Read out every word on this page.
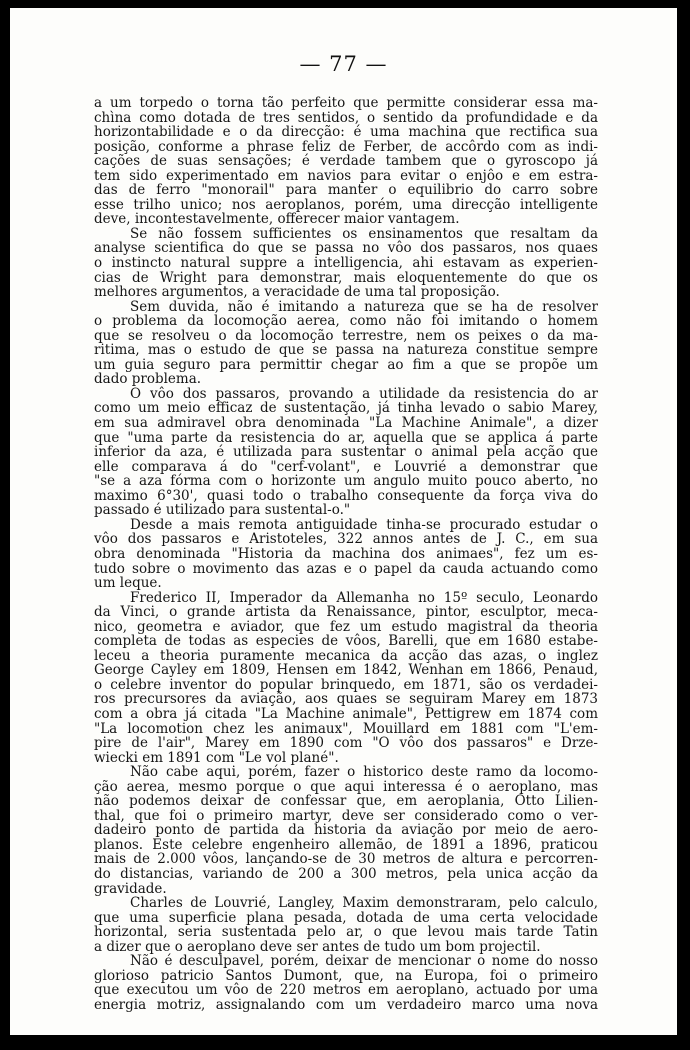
— 77 —
a um torpedo o torna tão perfeito que permitte considerar essa ma-
chìna como dotada de tres sentidos, o sentido da profundidade e da
horizontabilidade e o da direcção: é uma machina que rectifica sua
posição, conforme a phrase feliz de Ferber, de accôrdo com as indi-
cações de suas sensações; é verdade tambem que o gyroscopo já
tem sido experimentado em navios para evitar o enjôo e em estra-
das de ferro "monorail" para manter o equilibrio do carro sobre
esse trilho unico; nos aeroplanos, porém, uma direcção intelligente
deve, incontestavelmente, offerecer maior vantagem.
Se não fossem sufficientes os ensinamentos que resaltam da
analyse scientifica do que se passa no vôo dos passaros, nos quaes
o instincto natural suppre a intelligencia, ahi estavam as experien-
cias de Wright para demonstrar, mais eloquentemente do que os
melhores argumentos, a veracidade de uma tal proposição.
Sem duvida, não é imitando a natureza que se ha de resolver
o problema da locomoção aerea, como não foi imitando o homem
que se resolveu o da locomoção terrestre, nem os peixes o da ma-
ritima, mas o estudo de que se passa na natureza constitue sempre
um guia seguro para permittir chegar ao fim a que se propõe um
dado problema.
O vôo dos passaros, provando a utilidade da resistencia do ar
como um meio efficaz de sustentação, já tinha levado o sabio Marey,
em sua admiravel obra denominada "La Machine Animale", a dizer
que "uma parte da resistencia do ar, aquella que se applica á parte
inferior da aza, é utilizada para sustentar o animal pela acção que
elle comparava á do "cerf-volant", e Louvrié a demonstrar que
"se a aza fórma com o horizonte um angulo muito pouco aberto, no
maximo 6°30', quasi todo o trabalho consequente da força viva do
passado é utilizado para sustental-o."
Desde a mais remota antiguidade tinha-se procurado estudar o
vôo dos passaros e Aristoteles, 322 annos antes de J. C., em sua
obra denominada "Historia da machina dos animaes", fez um es-
tudo sobre o movimento das azas e o papel da cauda actuando como
um leque.
Frederico II, Imperador da Allemanha no 15º seculo, Leonardo
da Vinci, o grande artista da Renaissance, pintor, esculptor, meca-
nico, geometra e aviador, que fez um estudo magistral da theoria
completa de todas as especies de vôos, Barelli, que em 1680 estabe-
leceu a theoria puramente mecanica da acção das azas, o inglez
George Cayley em 1809, Hensen em 1842, Wenhan em 1866, Penaud,
o celebre inventor do popular brinquedo, em 1871, são os verdadei-
ros precursores da aviação, aos quaes se seguiram Marey em 1873
com a obra já citada "La Machine animale", Pettigrew em 1874 com
"La locomotion chez les animaux", Mouillard em 1881 com "L'em-
pire de l'air", Marey em 1890 com "O vôo dos passaros" e Drze-
wiecki em 1891 com "Le vol plané".
Não cabe aqui, porém, fazer o historico deste ramo da locomo-
ção aerea, mesmo porque o que aqui interessa é o aeroplano, mas
não podemos deixar de confessar que, em aeroplania, Otto Lilien-
thal, que foi o primeiro martyr, deve ser considerado como o ver-
dadeiro ponto de partida da historia da aviação por meio de aero-
planos. Este celebre engenheiro allemão, de 1891 a 1896, praticou
mais de 2.000 vôos, lançando-se de 30 metros de altura e percorren-
do distancias, variando de 200 a 300 metros, pela unica acção da
gravidade.
Charles de Louvrié, Langley, Maxim demonstraram, pelo calculo,
que uma superficie plana pesada, dotada de uma certa velocidade
horizontal, seria sustentada pelo ar, o que levou mais tarde Tatin
a dizer que o aeroplano deve ser antes de tudo um bom projectil.
Não é desculpavel, porém, deixar de mencionar o nome do nosso
glorioso patricio Santos Dumont, que, na Europa, foi o primeiro
que executou um vôo de 220 metros em aeroplano, actuado por uma
energia motriz, assignalando com um verdadeiro marco uma nova
